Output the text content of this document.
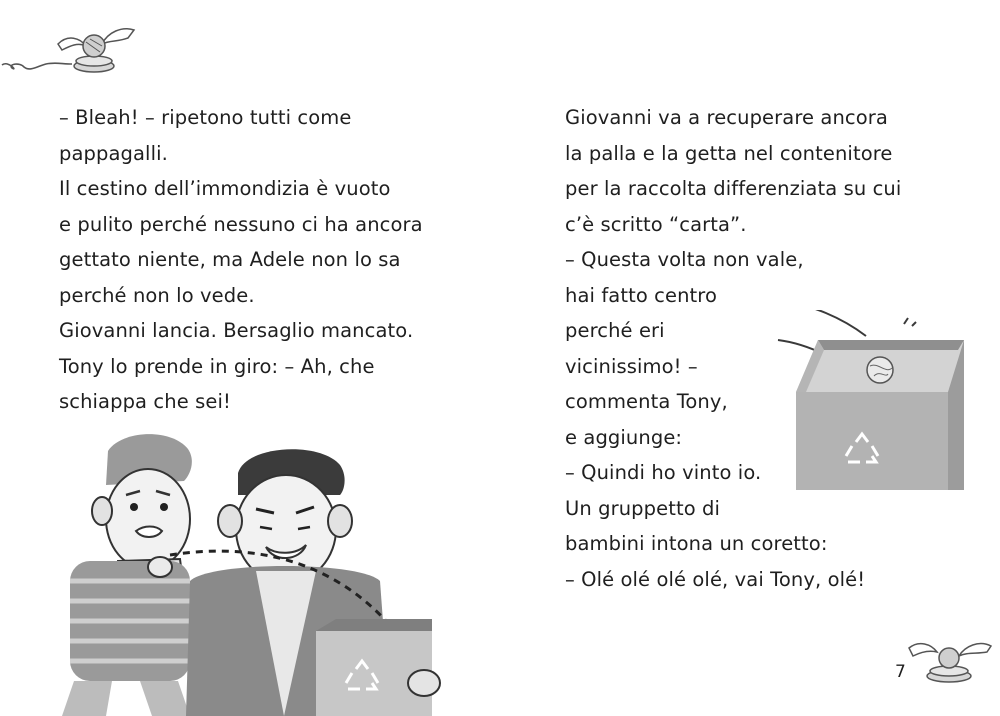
– Bleah! – ripetono tutti come
pappagalli.
Il cestino dell’immondizia è vuoto
e pulito perché nessuno ci ha ancora
gettato niente, ma Adele non lo sa
perché non lo vede.
Giovanni lancia. Bersaglio mancato.
Tony lo prende in giro: – Ah, che
schiappa che sei!
Giovanni va a recuperare ancora
la palla e la getta nel contenitore
per la raccolta differenziata su cui
c’è scritto “carta”.
– Questa volta non vale,
hai fatto centro
perché eri
vicinissimo! –
commenta Tony,
e aggiunge:
– Quindi ho vinto io.
Un gruppetto di
bambini intona un coretto:
– Olé olé olé olé, vai Tony, olé!
7
